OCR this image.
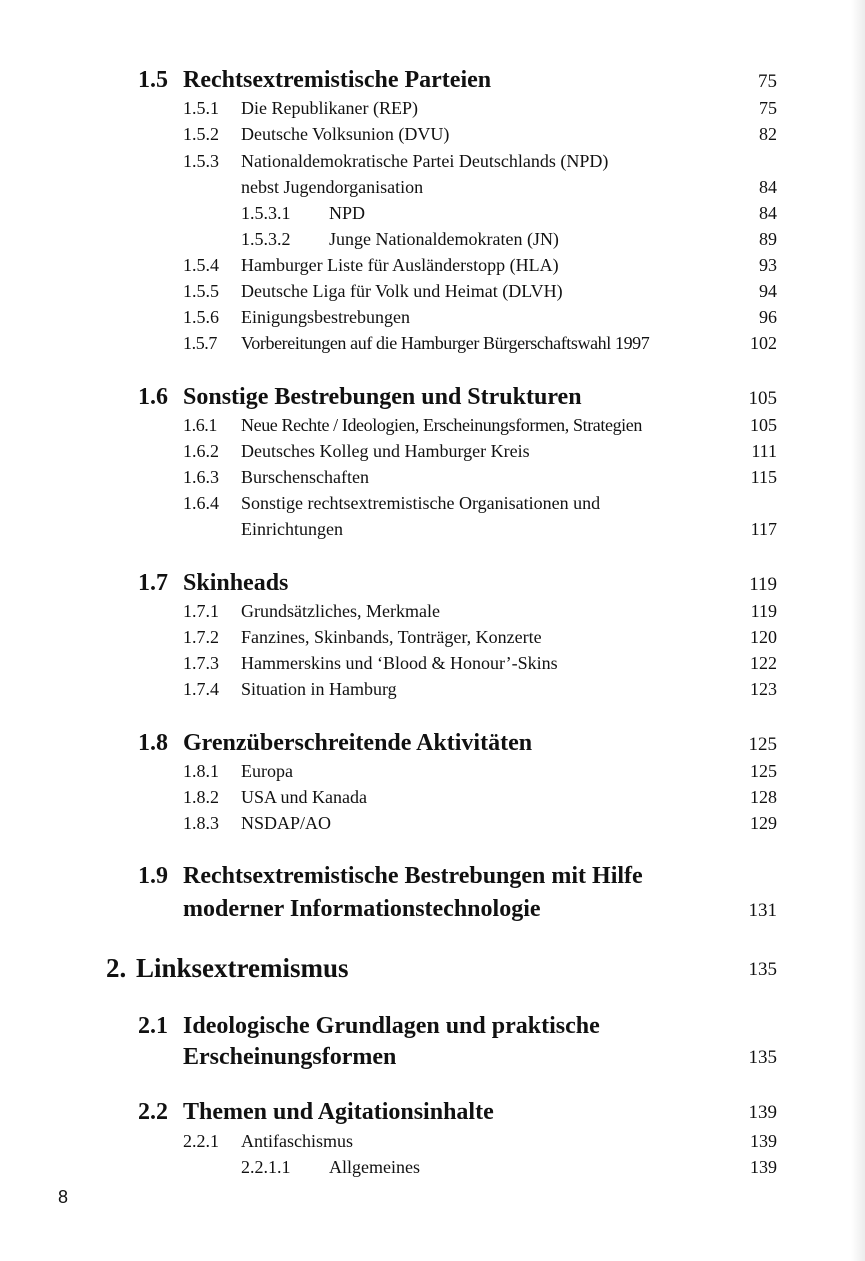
1.5 Rechtsextremistische Parteien	75
1.5.1 Die Republikaner (REP)	75
1.5.2 Deutsche Volksunion (DVU)	82
1.5.3 Nationaldemokratische Partei Deutschlands (NPD)
nebst Jugendorganisation	84
1.5.3.1 NPD	84
1.5.3.2 Junge Nationaldemokraten (JN)	89
1.5.4 Hamburger Liste für Ausländerstopp (HLA)	93
1.5.5 Deutsche Liga für Volk und Heimat (DLVH)	94
1.5.6 Einigungsbestrebungen	96
1.5.7 Vorbereitungen auf die Hamburger Bürgerschaftswahl 1997	102
1.6 Sonstige Bestrebungen und Strukturen	105
1.6.1 Neue Rechte / Ideologien, Erscheinungsformen, Strategien	105
1.6.2 Deutsches Kolleg und Hamburger Kreis	111
1.6.3 Burschenschaften	115
1.6.4 Sonstige rechtsextremistische Organisationen und
Einrichtungen	117
1.7 Skinheads	119
1.7.1 Grundsätzliches, Merkmale	119
1.7.2 Fanzines, Skinbands, Tonträger, Konzerte	120
1.7.3 Hammerskins und ‘Blood & Honour’-Skins	122
1.7.4 Situation in Hamburg	123
1.8 Grenzüberschreitende Aktivitäten	125
1.8.1 Europa	125
1.8.2 USA und Kanada	128
1.8.3 NSDAP/AO	129
1.9 Rechtsextremistische Bestrebungen mit Hilfe
moderner Informationstechnologie	131
2. Linksextremismus	135
2.1 Ideologische Grundlagen und praktische
Erscheinungsformen	135
2.2 Themen und Agitationsinhalte	139
2.2.1 Antifaschismus	139
2.2.1.1 Allgemeines	139
8
